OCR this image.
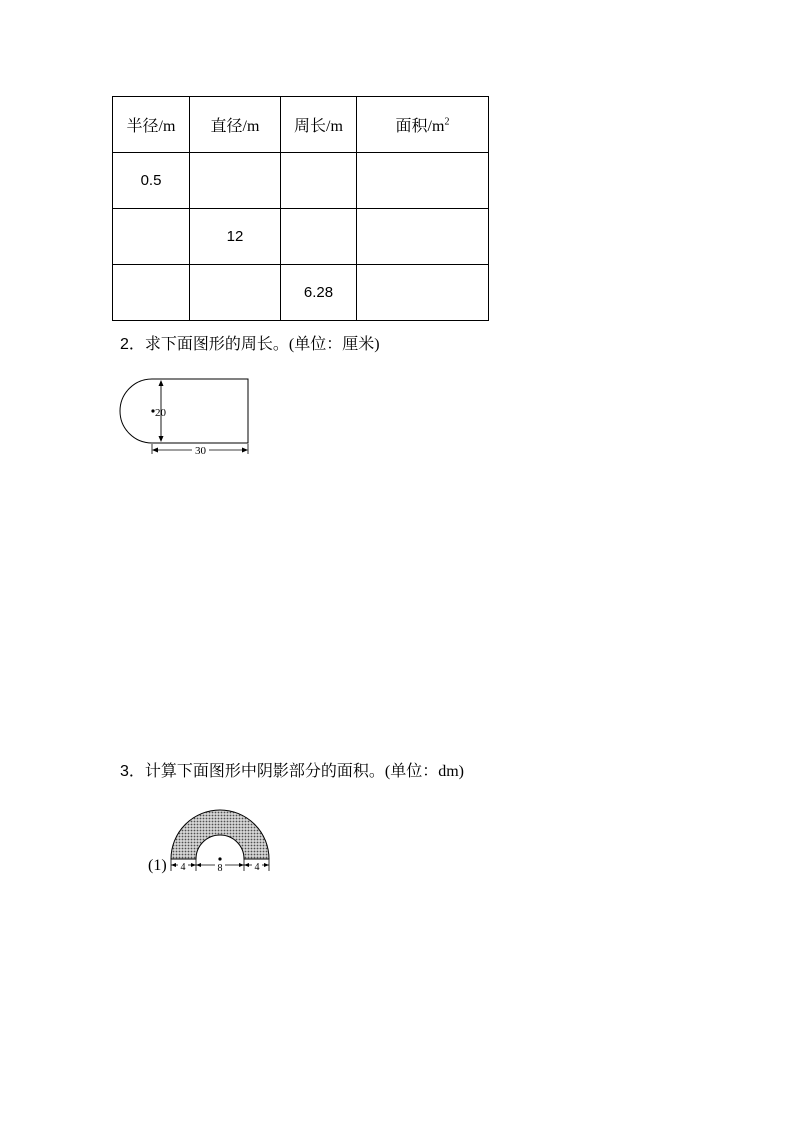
半径/m	直径/m	周长/m	面积$/m^2$
0.5			
	12		
		6.28	
2．求下面图形的周长。(单位：厘米)
20
30
3．计算下面图形中阴影部分的面积。(单位：dm)
(1) 4	8	4
